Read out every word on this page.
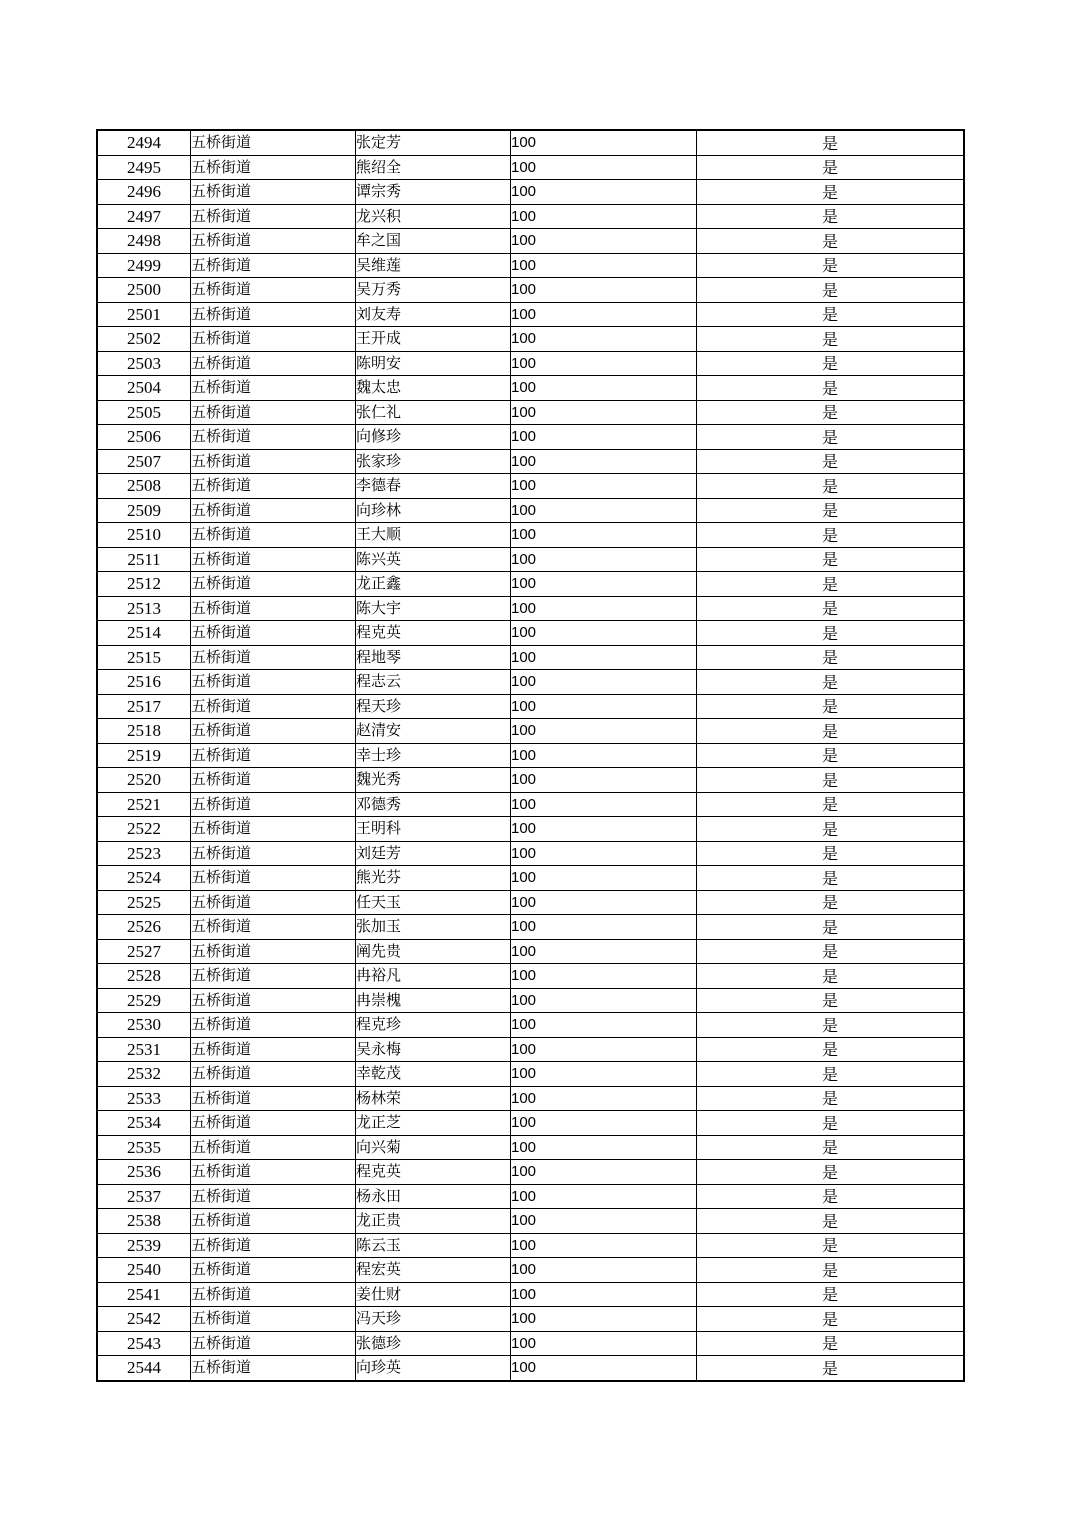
2494	五桥街道	张定芳	100	是
2495	五桥街道	熊绍全	100	是
2496	五桥街道	谭宗秀	100	是
2497	五桥街道	龙兴积	100	是
2498	五桥街道	牟之国	100	是
2499	五桥街道	吴维莲	100	是
2500	五桥街道	吴万秀	100	是
2501	五桥街道	刘友寿	100	是
2502	五桥街道	王开成	100	是
2503	五桥街道	陈明安	100	是
2504	五桥街道	魏太忠	100	是
2505	五桥街道	张仁礼	100	是
2506	五桥街道	向修珍	100	是
2507	五桥街道	张家珍	100	是
2508	五桥街道	李德春	100	是
2509	五桥街道	向珍林	100	是
2510	五桥街道	王大顺	100	是
2511	五桥街道	陈兴英	100	是
2512	五桥街道	龙正鑫	100	是
2513	五桥街道	陈大宇	100	是
2514	五桥街道	程克英	100	是
2515	五桥街道	程地琴	100	是
2516	五桥街道	程志云	100	是
2517	五桥街道	程天珍	100	是
2518	五桥街道	赵清安	100	是
2519	五桥街道	幸士珍	100	是
2520	五桥街道	魏光秀	100	是
2521	五桥街道	邓德秀	100	是
2522	五桥街道	王明科	100	是
2523	五桥街道	刘廷芳	100	是
2524	五桥街道	熊光芬	100	是
2525	五桥街道	任天玉	100	是
2526	五桥街道	张加玉	100	是
2527	五桥街道	阐先贵	100	是
2528	五桥街道	冉裕凡	100	是
2529	五桥街道	冉崇槐	100	是
2530	五桥街道	程克珍	100	是
2531	五桥街道	吴永梅	100	是
2532	五桥街道	幸乾茂	100	是
2533	五桥街道	杨林荣	100	是
2534	五桥街道	龙正芝	100	是
2535	五桥街道	向兴菊	100	是
2536	五桥街道	程克英	100	是
2537	五桥街道	杨永田	100	是
2538	五桥街道	龙正贵	100	是
2539	五桥街道	陈云玉	100	是
2540	五桥街道	程宏英	100	是
2541	五桥街道	姜仕财	100	是
2542	五桥街道	冯天珍	100	是
2543	五桥街道	张德珍	100	是
2544	五桥街道	向珍英	100	是
